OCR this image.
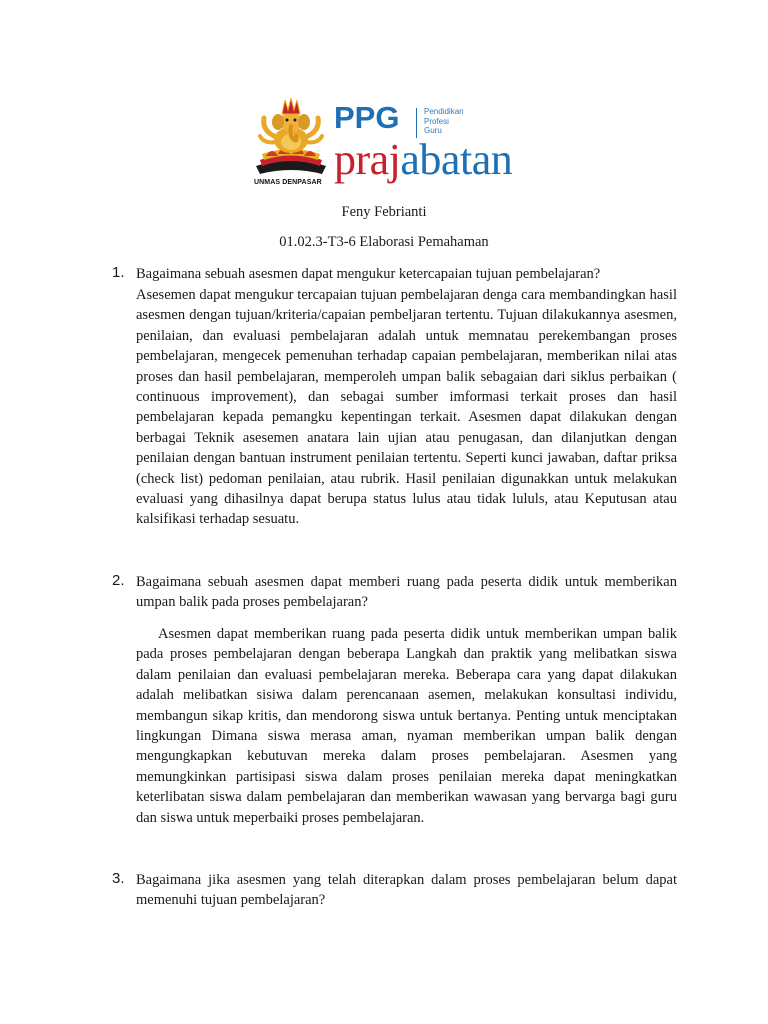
UNMAS DENPASAR
PPG	Pendidikan
Profesi
Guru
prajabatan
Feny Febrianti
01.02.3-T3-6 Elaborasi Pemahaman
1. Bagaimana sebuah asesmen dapat mengukur ketercapaian tujuan pembelajaran?

Asesemen dapat mengukur tercapaian tujuan pembelajaran denga cara membandingkan hasil asesmen dengan tujuan/kriteria/capaian pembeljaran tertentu. Tujuan dilakukannya asesmen, penilaian, dan evaluasi pembelajaran adalah untuk memnatau perekembangan proses pembelajaran, mengecek pemenuhan terhadap capaian pembelajaran, memberikan nilai atas proses dan hasil pembelajaran, memperoleh umpan balik sebagaian dari siklus perbaikan ( continuous improvement), dan sebagai sumber imformasi terkait proses dan hasil pembelajaran kepada pemangku kepentingan terkait. Asesmen dapat dilakukan dengan berbagai Teknik asesemen anatara lain ujian atau penugasan, dan dilanjutkan dengan penilaian dengan bantuan instrument penilaian tertentu. Seperti kunci jawaban, daftar priksa (check list) pedoman penilaian, atau rubrik. Hasil penilaian digunakkan untuk melakukan evaluasi yang dihasilnya dapat berupa status lulus atau tidak lululs, atau Keputusan atau kalsifikasi terhadap sesuatu.

2. Bagaimana sebuah asesmen dapat memberi ruang pada peserta didik untuk memberikan umpan balik pada proses pembelajaran?

Asesmen dapat memberikan ruang pada peserta didik untuk memberikan umpan balik pada proses pembelajaran dengan beberapa Langkah dan praktik yang melibatkan siswa dalam penilaian dan evaluasi pembelajaran mereka. Beberapa cara yang dapat dilakukan adalah melibatkan sisiwa dalam perencanaan asemen, melakukan konsultasi individu, membangun sikap kritis, dan mendorong siswa untuk bertanya. Penting untuk menciptakan lingkungan Dimana siswa merasa aman, nyaman memberikan umpan balik dengan mengungkapkan kebutuvan mereka dalam proses pembelajaran. Asesmen yang memungkinkan partisipasi siswa dalam proses penilaian mereka dapat meningkatkan keterlibatan siswa dalam pembelajaran dan memberikan wawasan yang bervarga bagi guru dan siswa untuk meperbaiki proses pembelajaran.

3. Bagaimana jika asesmen yang telah diterapkan dalam proses pembelajaran belum dapat memenuhi tujuan pembelajaran?
